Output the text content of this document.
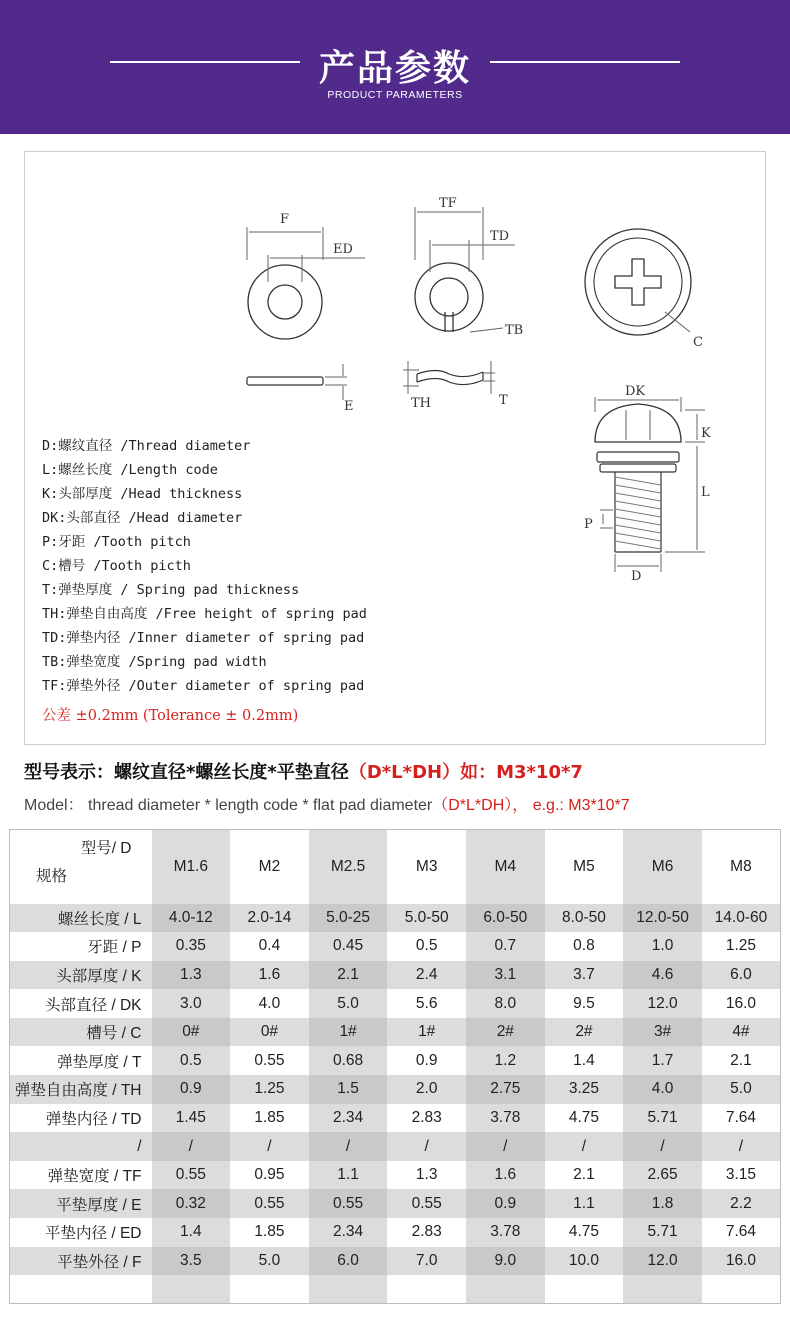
产品参数
PRODUCT PARAMETERS
F
ED
E
TF
TD
TB
TH	T
C
DK
K
L
P
D
D:螺纹直径 /Thread diameter
L:螺丝长度 /Length code
K:头部厚度 /Head thickness
DK:头部直径 /Head diameter
P:牙距 /Tooth pitch
C:槽号 /Tooth picth
T:弹垫厚度 / Spring pad thickness
TH:弹垫自由高度 /Free height of spring pad
TD:弹垫内径 /Inner diameter of spring pad
TB:弹垫宽度 /Spring pad width
TF:弹垫外径 /Outer diameter of spring pad
公差 ±0.2mm (Tolerance ± 0.2mm)
型号表示：螺纹直径*螺丝长度*平垫直径（D*L*DH）如：M3*10*7
Model： thread diameter * length code * flat pad diameter（D*L*DH）， e.g.: M3*10*7
型号/ D
规格	M1.6	M2	M2.5	M3	M4	M5	M6	M8
螺丝长度 / L	4.0-12	2.0-14	5.0-25	5.0-50	6.0-50	8.0-50	12.0-50	14.0-60
牙距 / P	0.35	0.4	0.45	0.5	0.7	0.8	1.0	1.25
头部厚度 / K	1.3	1.6	2.1	2.4	3.1	3.7	4.6	6.0
头部直径 / DK	3.0	4.0	5.0	5.6	8.0	9.5	12.0	16.0
槽号 / C	0#	0#	1#	1#	2#	2#	3#	4#
弹垫厚度 / T	0.5	0.55	0.68	0.9	1.2	1.4	1.7	2.1
弹垫自由高度 / TH	0.9	1.25	1.5	2.0	2.75	3.25	4.0	5.0
弹垫内径 / TD	1.45	1.85	2.34	2.83	3.78	4.75	5.71	7.64
/	/	/	/	/	/	/	/	/
弹垫宽度 / TF	0.55	0.95	1.1	1.3	1.6	2.1	2.65	3.15
平垫厚度 / E	0.32	0.55	0.55	0.55	0.9	1.1	1.8	2.2
平垫内径 / ED	1.4	1.85	2.34	2.83	3.78	4.75	5.71	7.64
平垫外径 / F	3.5	5.0	6.0	7.0	9.0	10.0	12.0	16.0
